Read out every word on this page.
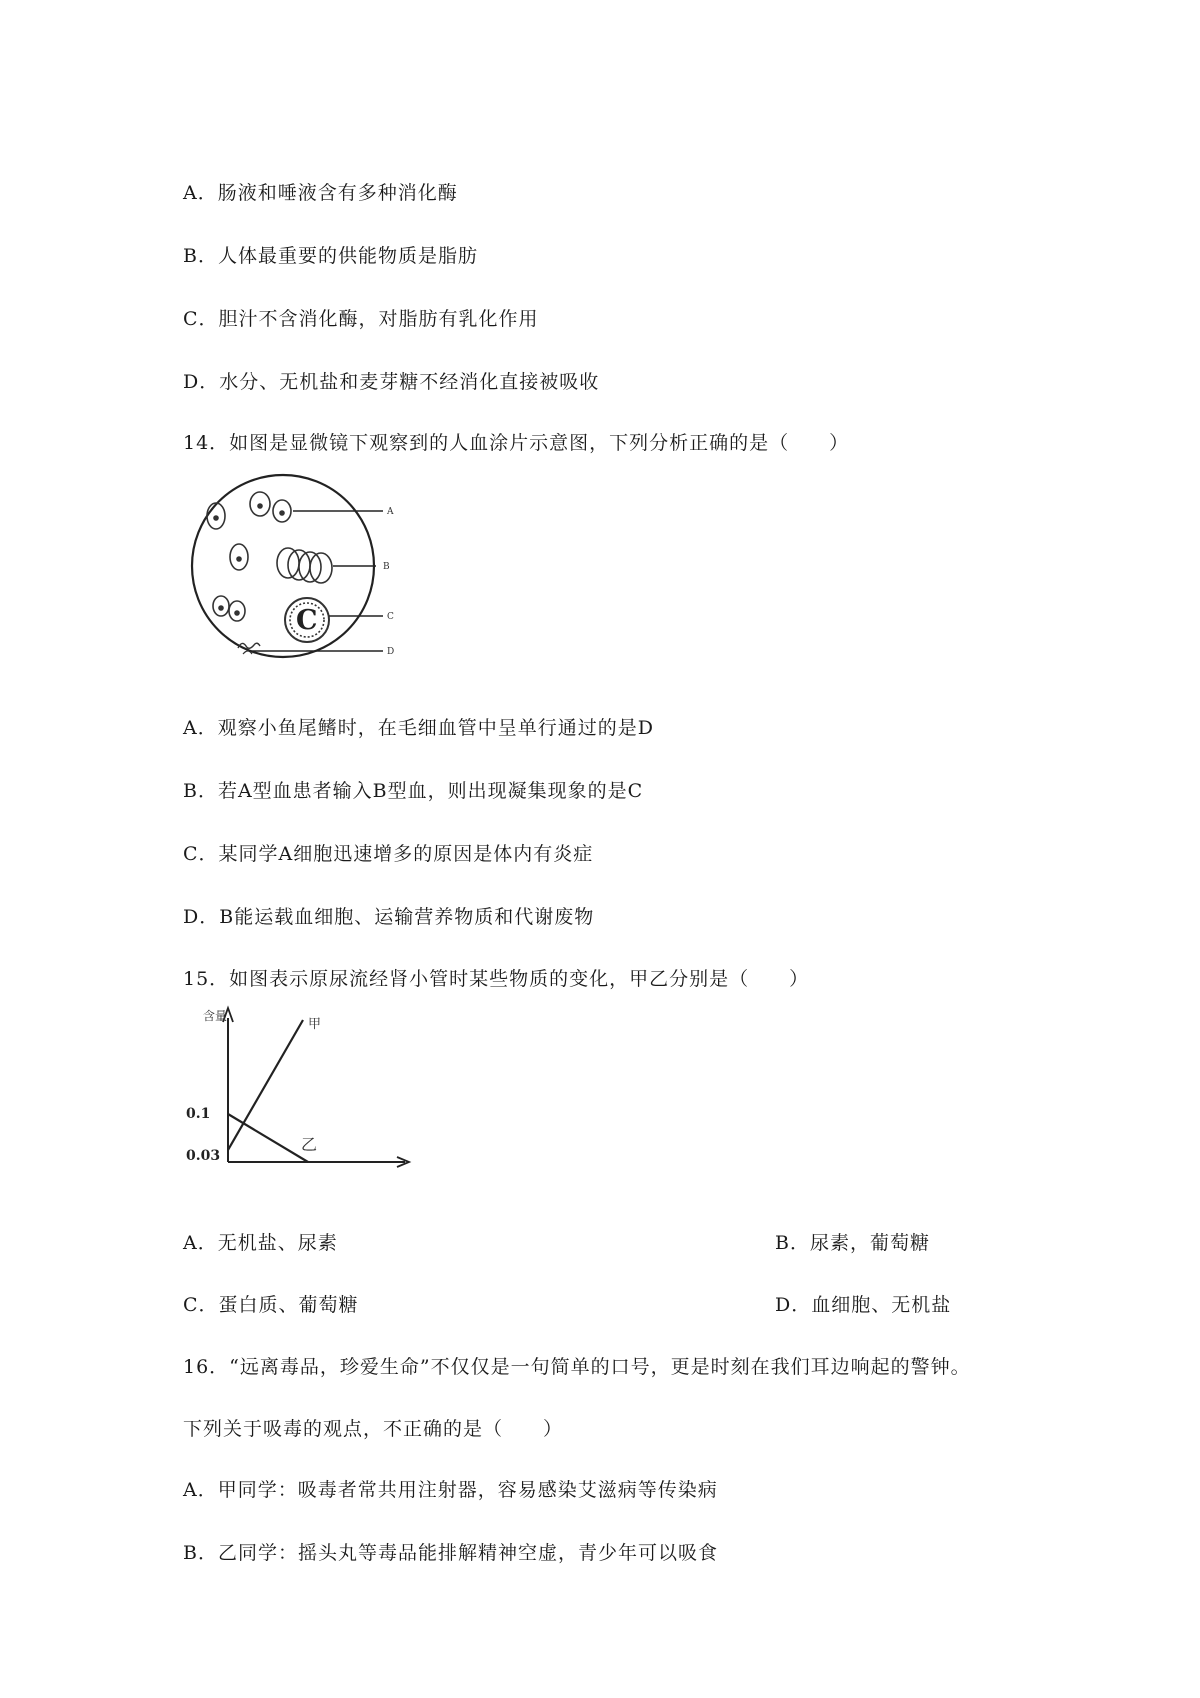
A．肠液和唾液含有多种消化酶
B．人体最重要的供能物质是脂肪
C．胆汁不含消化酶，对脂肪有乳化作用
D．水分、无机盐和麦芽糖不经消化直接被吸收
14．如图是显微镜下观察到的人血涂片示意图，下列分析正确的是（　　）
C
A
B
C
D
A．观察小鱼尾鳍时，在毛细血管中呈单行通过的是D
B．若A型血患者输入B型血，则出现凝集现象的是C
C．某同学A细胞迅速增多的原因是体内有炎症
D．B能运载血细胞、运输营养物质和代谢废物
15．如图表示原尿流经肾小管时某些物质的变化，甲乙分别是（　　）
含量
0.1
0.03
甲
乙
A．无机盐、尿素	B．尿素，葡萄糖
C．蛋白质、葡萄糖	D．血细胞、无机盐
16．“远离毒品，珍爱生命”不仅仅是一句简单的口号，更是时刻在我们耳边响起的警钟。
下列关于吸毒的观点，不正确的是（　　）
A．甲同学：吸毒者常共用注射器，容易感染艾滋病等传染病
B．乙同学：摇头丸等毒品能排解精神空虚，青少年可以吸食
